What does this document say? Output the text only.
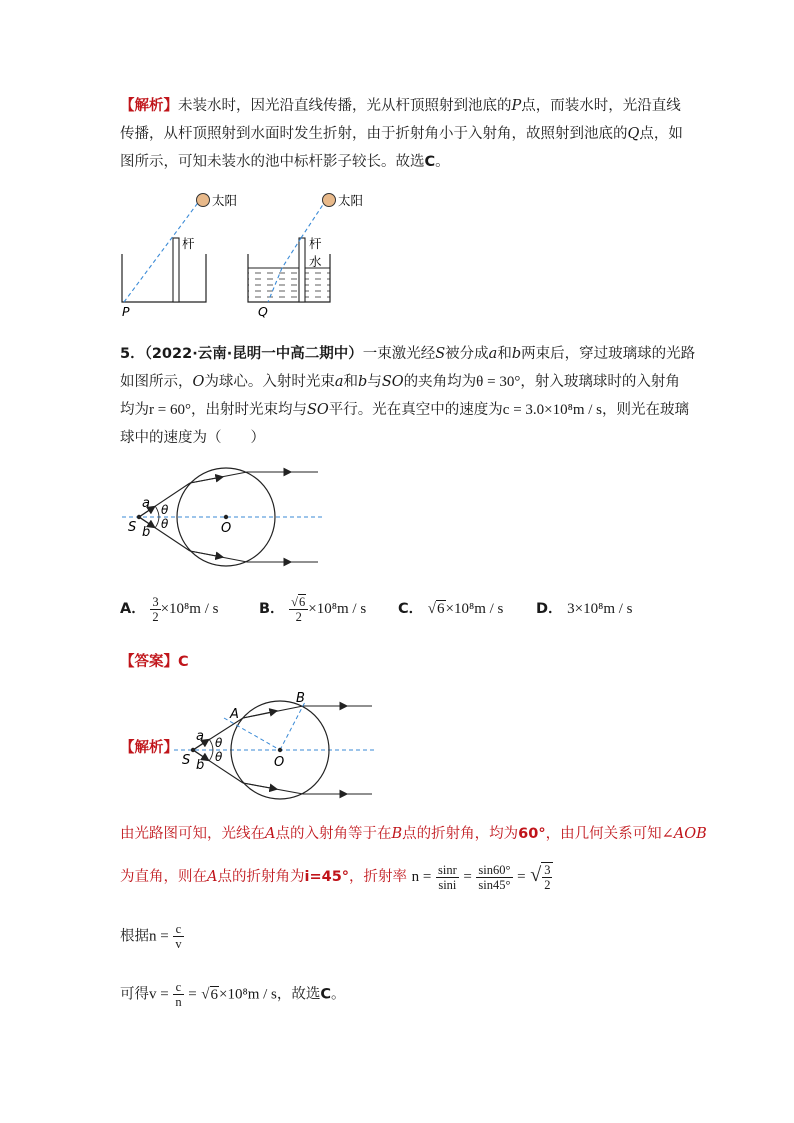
【解析】未装水时，因光沿直线传播，光从杆顶照射到池底的P点，而装水时，光沿直线
传播，从杆顶照射到水面时发生折射，由于折射角小于入射角，故照射到池底的Q点，如
图所示，可知未装水的池中标杆影子较长。故选C。
太阳
杆
P
太阳
杆
水
Q
5．（2022·云南·昆明一中高二期中）一束激光经S被分成a和b两束后，穿过玻璃球的光路
如图所示，O为球心。入射时光束a和b与SO的夹角均为θ = 30°，射入玻璃球时的入射角
均为r = 60°，出射时光束均与SO平行。光在真空中的速度为c = 3.0×10⁸m / s，则光在玻璃
球中的速度为（　　）
a
b
S	O
θ
θ
A． $\frac{3}{2} \times 10^8m / s$	B． $\frac{√6}{2} \times 10^8m / s$ C． √6×10⁸m / s D． 3×10⁸m / s
【答案】C
【解析】
A
B
a
b
S	O
θ
θ
由光路图可知，光线在A点的入射角等于在B点的折射角，均为60°，由几何关系可知∠AOB
为直角，则在A点的折射角为i=45°，折射率 $n = \frac{\sin r}{\sin i} = \frac{\sin 60^\circ}{\sin 45^\circ}$ = √ $\frac{3}{2}$
根据$n = \frac{c}{v}$
可得$v = \frac{c}{n} = √6\times 10^8m / s$，故选C。
